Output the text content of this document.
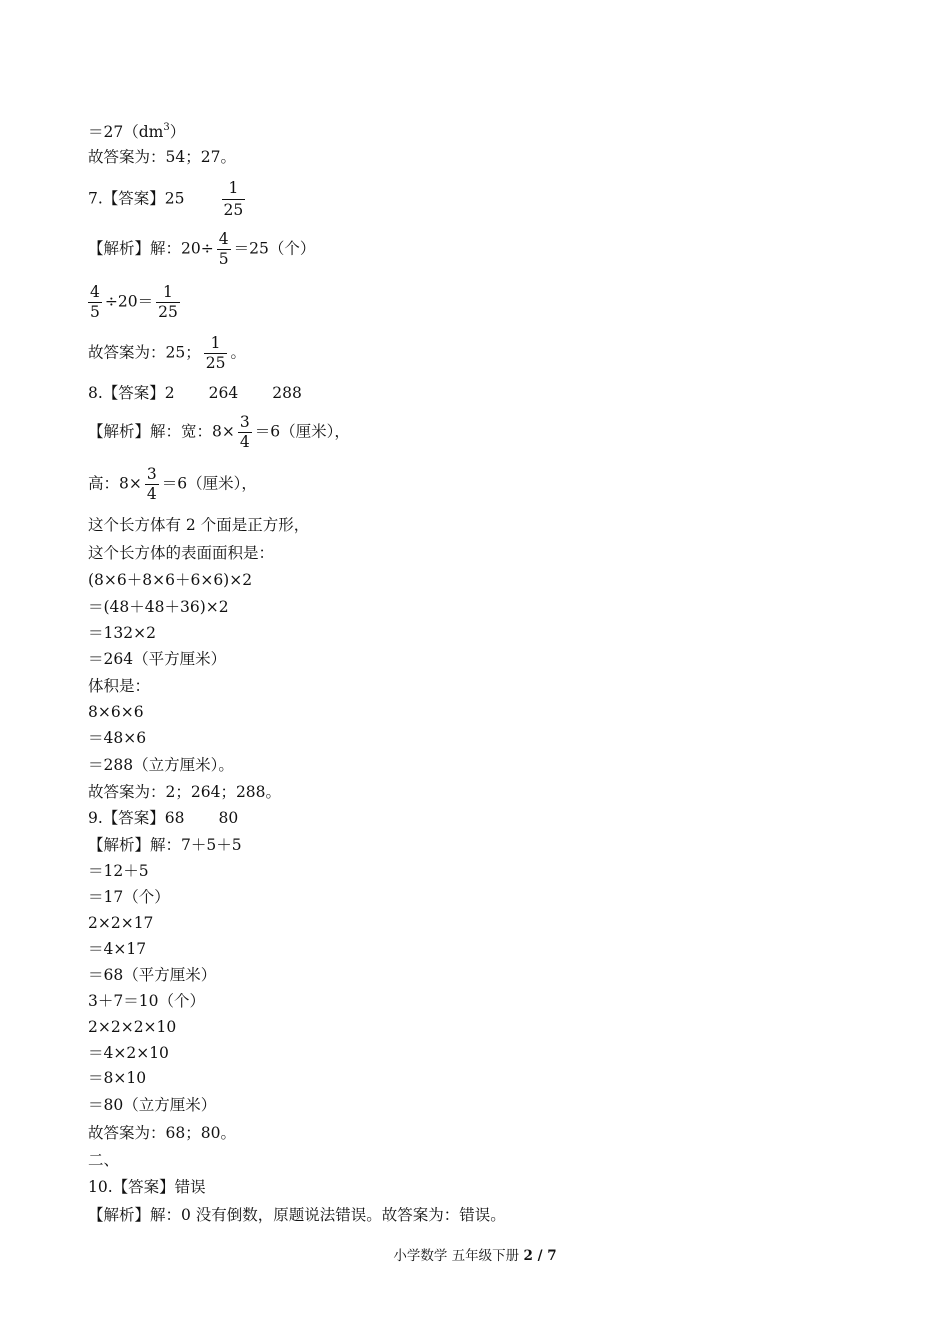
$=27(dm^3)$
故答案为：54；27。
7.【答案】$25 \frac{1}{25}$
【解析】解：$20\div \frac{4}{5} =25$（个）
$\frac{4}{5} \div 20= \frac{1}{25}$
故答案为：25； $\frac{1}{25}$ 。
8.【答案】2 264 288
【解析】解：宽：$8\times \frac{3}{4} =6$（厘米），
高：$8\times \frac{3}{4} =6$（厘米），
这个长方体有 2 个面是正方形，
这个长方体的表面面积是：
(8×6＋8×6＋6×6)×2
＝(48＋48＋36)×2
＝132×2
＝264（平方厘米）
体积是：
8×6×6
＝48×6
＝288（立方厘米）。
故答案为：2；264；288。
9.【答案】68 80
【解析】解：7＋5＋5
＝12＋5
＝17（个）
2×2×17
＝4×17
＝68（平方厘米）
3＋7＝10（个）
2×2×2×10
＝4×2×10
＝8×10
＝80（立方厘米）
故答案为：68；80。
二、
10.【答案】错误
【解析】解：0 没有倒数，原题说法错误。故答案为：错误。
小学数学 五年级下册 2 / 7
